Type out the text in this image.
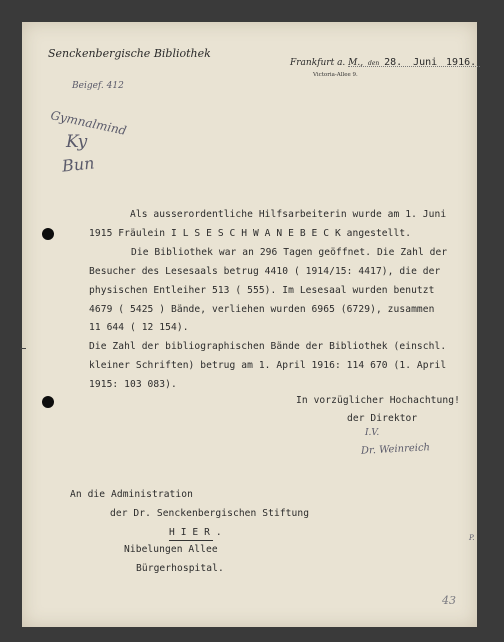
Senckenbergische Bibliothek
Beigef. 412
Frankfurt a. M., den 28. Juni 1916.
Victoria-Allee 9.
Gymnalmind
Ky
Bun
Als ausserordentliche Hilfsarbeiterin wurde am 1. Juni
1915 Fräulein I L S E S C H W A N E B E C K angestellt.
Die Bibliothek war an 296 Tagen geöffnet. Die Zahl der
Besucher des Lesesaals betrug 4410 ( 1914/15: 4417), die der
physischen Entleiher 513 ( 555). Im Lesesaal wurden benutzt
4679 ( 5425 ) Bände, verliehen wurden 6965 (6729), zusammen
11 644 ( 12 154).
Die Zahl der bibliographischen Bände der Bibliothek (einschl.
kleiner Schriften) betrug am 1. April 1916: 114 670 (1. April
1915: 103 083).
In vorzüglicher Hochachtung!
der Direktor
I.V.
Dr. Weinreich
An die Administration
der Dr. Senckenbergischen Stiftung
H I E R .
Nibelungen Allee
Bürgerhospital.
P.
43
